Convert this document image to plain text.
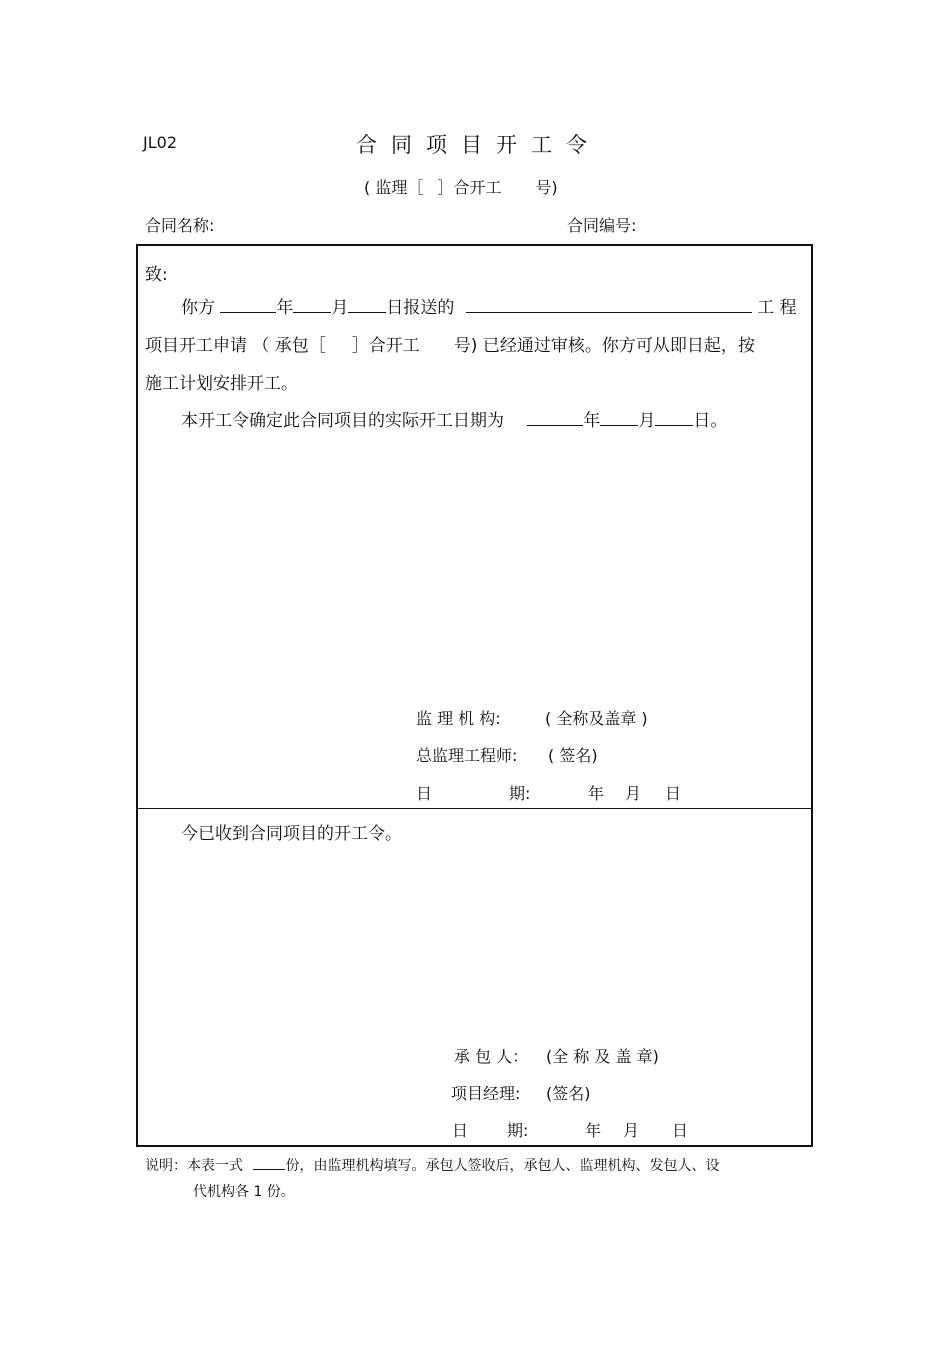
JL02	合同项目开工令
( 监理［ ］合开工 号)
合同名称:	合同编号:
致:
你方	年 月 日报送的	工 程
项目开工申请 （ 承包［ ］合开工 号) 已经通过审核。你方可从即日起，按
施工计划安排开工。
本开工令确定此合同项目的实际开工日期为	年 月 日。
监 理 机 构:	( 全称及盖章 )
总监理工程师: ( 签名)
日	期:	年 月 日
今已收到合同项目的开工令。
承 包 人： (全 称 及 盖 章)
项目经理: (签名)
日 期:	年 月 日
说明：本表一式	份，由监理机构填写。承包人签收后，承包人、监理机构、发包人、设
代机构各 1 份。
